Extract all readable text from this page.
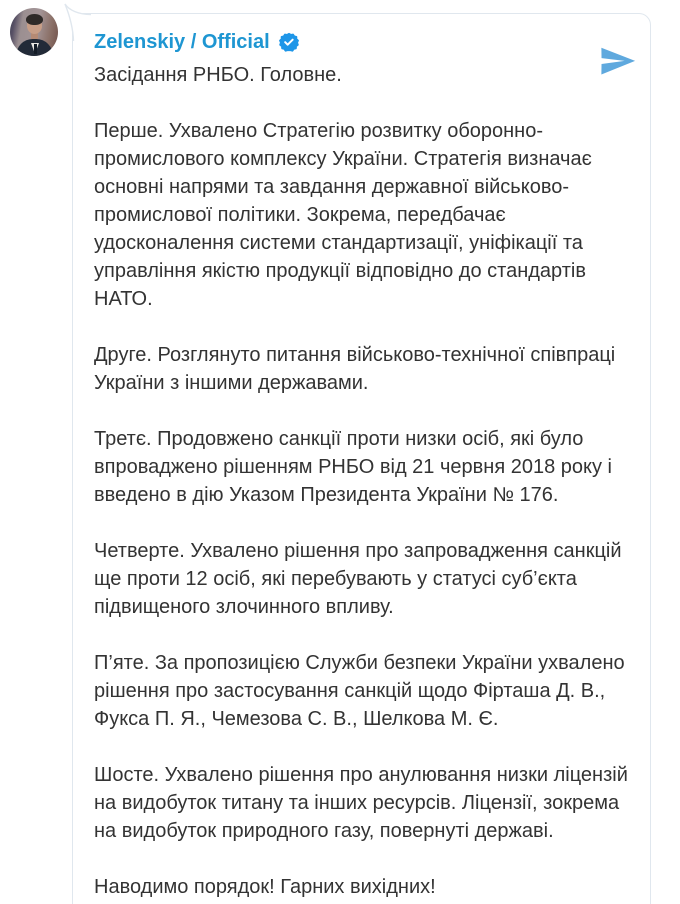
Zelenskiy / Official

Засідання РНБО. Головне.

Перше. Ухвалено Стратегію розвитку оборонно-промислового комплексу України. Стратегія визначає основні напрями та завдання державної військово-промислової політики. Зокрема, передбачає удосконалення системи стандартизації, уніфікації та управління якістю продукції відповідно до стандартів НАТО.

Друге. Розглянуто питання військово-технічної співпраці України з іншими державами.

Третє. Продовжено санкції проти низки осіб, які було впроваджено рішенням РНБО від 21 червня 2018 року і введено в дію Указом Президента України № 176.

Четверте. Ухвалено рішення про запровадження санкцій ще проти 12 осіб, які перебувають у статусі суб’єкта підвищеного злочинного впливу.

П’яте. За пропозицією Служби безпеки України ухвалено рішення про застосування санкцій щодо Фірташа Д. В., Фукса П. Я., Чемезова С. В., Шелкова М. Є.

Шосте. Ухвалено рішення про анулювання низки ліцензій на видобуток титану та інших ресурсів. Ліцензії, зокрема на видобуток природного газу, повернуті державі.

Наводимо порядок! Гарних вихідних!
